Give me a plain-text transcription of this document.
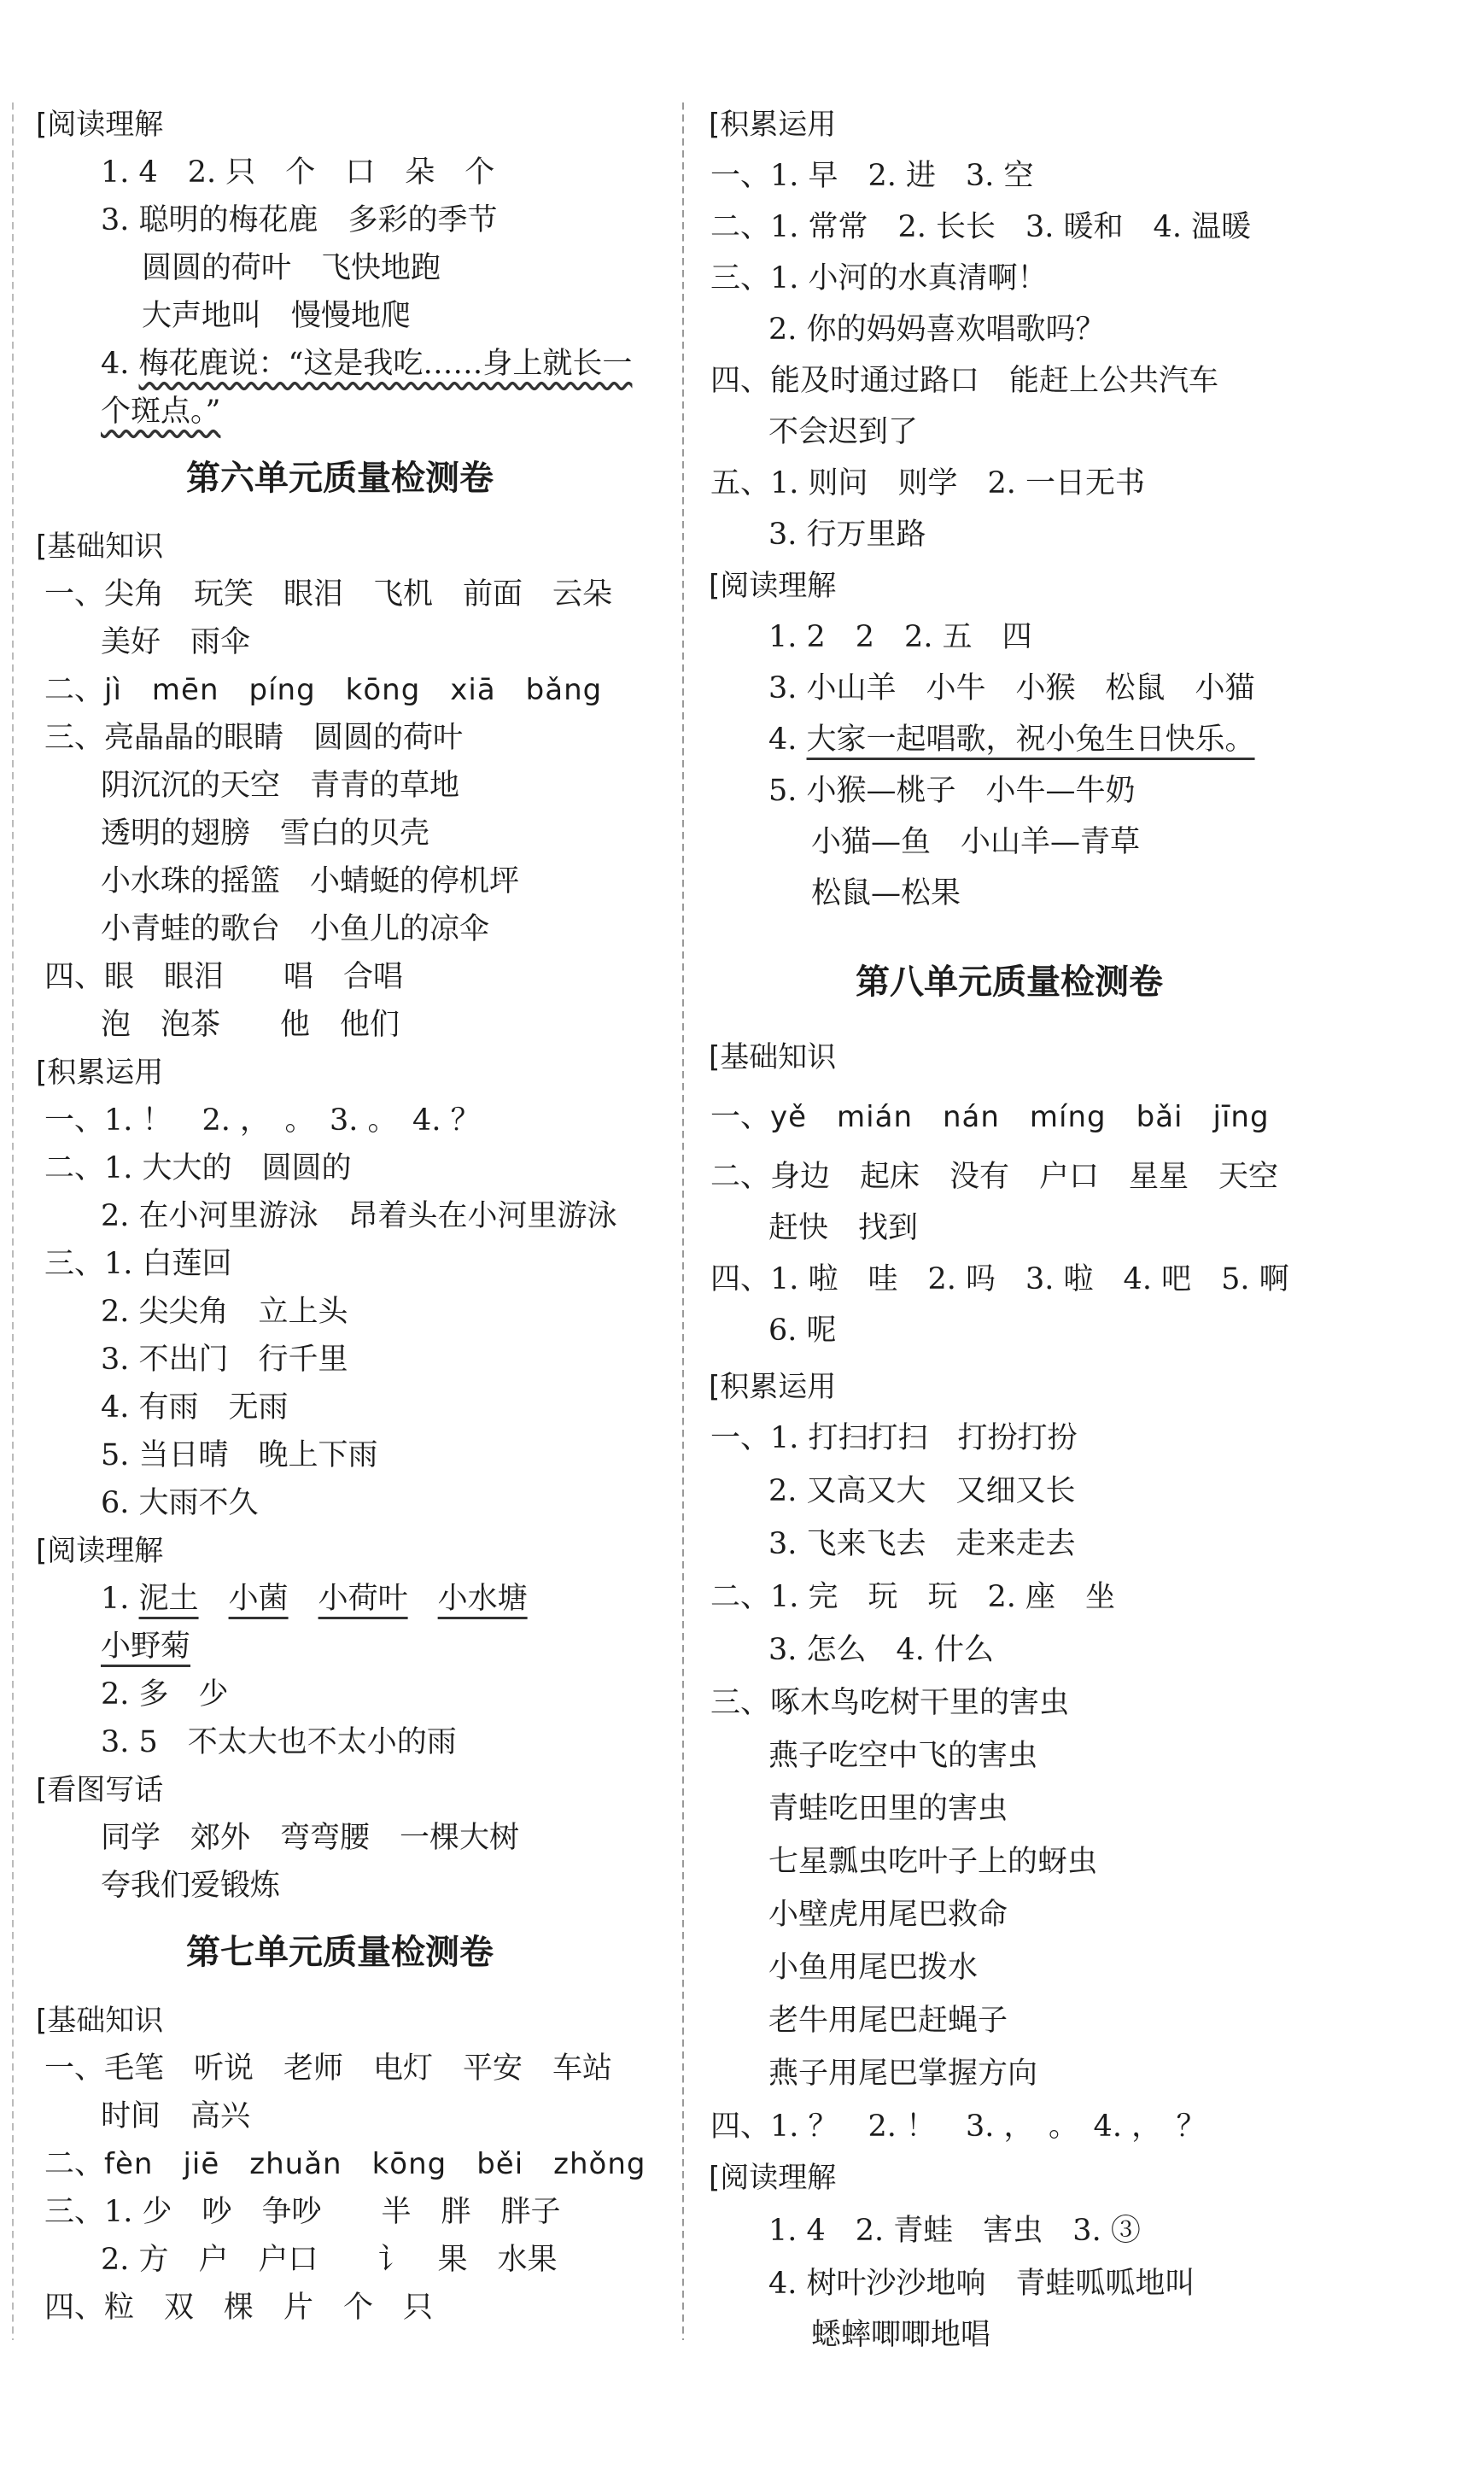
[阅读理解
1. 4　2. 只　个　口　朵　个
3. 聪明的梅花鹿　多彩的季节
圆圆的荷叶　飞快地跑
大声地叫　慢慢地爬
4. 梅花鹿说：“这是我吃……身上就长一
个斑点。”
第六单元质量检测卷
[基础知识
一、尖角　玩笑　眼泪　飞机　前面　云朵
美好　雨伞
二、jì　mēn　píng　kōng　xiā　bǎng
三、亮晶晶的眼睛　圆圆的荷叶
阴沉沉的天空　青青的草地
透明的翅膀　雪白的贝壳
小水珠的摇篮　小蜻蜓的停机坪
小青蛙的歌台　小鱼儿的凉伞
四、眼　眼泪　　唱　合唱
泡　泡茶　　他　他们
[积累运用
一、1. ！　2. ，　。　3. 。　4. ？
二、1. 大大的　圆圆的
2. 在小河里游泳　昂着头在小河里游泳
三、1. 白莲回
2. 尖尖角　立上头
3. 不出门　行千里
4. 有雨　无雨
5. 当日晴　晚上下雨
6. 大雨不久
[阅读理解
1. 泥土　 小菌　 小荷叶　 小水塘
小野菊
2. 多　少
3. 5　不太大也不太小的雨
[看图写话
同学　郊外　弯弯腰　一棵大树
夸我们爱锻炼
第七单元质量检测卷
[基础知识
一、毛笔　听说　老师　电灯　平安　车站
时间　高兴
二、fèn　jiē　zhuǎn　kōng　běi　zhǒng
三、1. 少　吵　争吵　　半　胖　胖子
2. 方　户　户口　　讠　果　水果
四、粒　双　棵　片　个　只
[积累运用
一、1. 早　2. 进　3. 空
二、1. 常常　2. 长长　3. 暖和　4. 温暖
三、1. 小河的水真清啊！
2. 你的妈妈喜欢唱歌吗？
四、能及时通过路口　能赶上公共汽车
不会迟到了
五、1. 则问　则学　2. 一日无书
3. 行万里路
[阅读理解
1. 2　2　2. 五　四
3. 小山羊　小牛　小猴　松鼠　小猫
4. 大家一起唱歌，祝小兔生日快乐。
5. 小猴—桃子　小牛—牛奶
小猫—鱼　小山羊—青草
松鼠—松果
第八单元质量检测卷
[基础知识
一、yě　mián　nán　míng　bǎi　jīng
二、身边　起床　没有　户口　星星　天空
赶快　找到
四、1. 啦　哇　2. 吗　3. 啦　4. 吧　5. 啊
6. 呢
[积累运用
一、1. 打扫打扫　打扮打扮
2. 又高又大　又细又长
3. 飞来飞去　走来走去
二、1. 完　玩　玩　2. 座　坐
3. 怎么　4. 什么
三、啄木鸟吃树干里的害虫
燕子吃空中飞的害虫
青蛙吃田里的害虫
七星瓢虫吃叶子上的蚜虫
小壁虎用尾巴救命
小鱼用尾巴拨水
老牛用尾巴赶蝇子
燕子用尾巴掌握方向
四、1. ？　2. ！　3. ，　。　4. ，　？
[阅读理解
1. 4　2. 青蛙　害虫　3. ③
4. 树叶沙沙地响　青蛙呱呱地叫
蟋蟀唧唧地唱
